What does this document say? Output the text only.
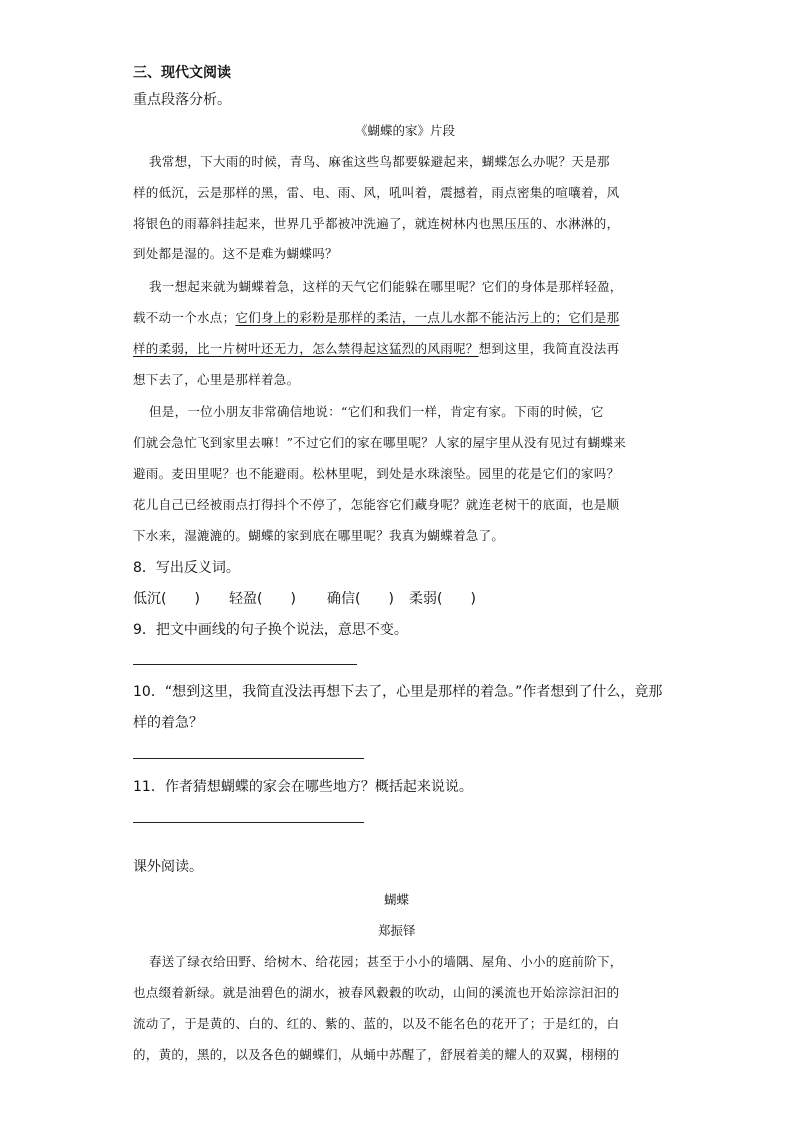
三、现代文阅读
重点段落分析。
《蝴蝶的家》片段
我常想，下大雨的时候，青鸟、麻雀这些鸟都要躲避起来，蝴蝶怎么办呢？天是那
样的低沉，云是那样的黑，雷、电、雨、风，吼叫着，震撼着，雨点密集的喧嚷着，风
将银色的雨幕斜挂起来，世界几乎都被冲洗遍了，就连树林内也黑压压的、水淋淋的，
到处都是湿的。这不是难为蝴蝶吗？
我一想起来就为蝴蝶着急，这样的天气它们能躲在哪里呢？它们的身体是那样轻盈，
载不动一个水点；它们身上的彩粉是那样的柔洁，一点儿水都不能沾污上的；它们是那
样的柔弱，比一片树叶还无力，怎么禁得起这猛烈的风雨呢？想到这里，我简直没法再
想下去了，心里是那样着急。
但是，一位小朋友非常确信地说：“它们和我们一样，肯定有家。下雨的时候，它
们就会急忙飞到家里去嘛！”不过它们的家在哪里呢？人家的屋宇里从没有见过有蝴蝶来
避雨。麦田里呢？也不能避雨。松林里呢，到处是水珠滚坠。园里的花是它们的家吗？
花儿自己已经被雨点打得抖个不停了，怎能容它们藏身呢？就连老树干的底面，也是顺
下水来，湿漉漉的。蝴蝶的家到底在哪里呢？我真为蝴蝶着急了。
8．写出反义词。
低沉(　　) 轻盈(　　) 确信(　　) 柔弱(　　)
9．把文中画线的句子换个说法，意思不变。
10．“想到这里，我简直没法再想下去了，心里是那样的着急。”作者想到了什么，竟那
样的着急？
11．作者猜想蝴蝶的家会在哪些地方？概括起来说说。
课外阅读。
蝴蝶
郑振铎
春送了绿衣给田野、给树木、给花园；甚至于小小的墙隅、屋角、小小的庭前阶下，
也点缀着新绿。就是油碧色的湖水，被春风縠縠的吹动，山间的溪流也开始淙淙汩汩的
流动了，于是黄的、白的、红的、紫的、蓝的，以及不能名色的花开了；于是红的，白
的，黄的，黑的，以及各色的蝴蝶们，从蛹中苏醒了，舒展着美的耀人的双翼，栩栩的
